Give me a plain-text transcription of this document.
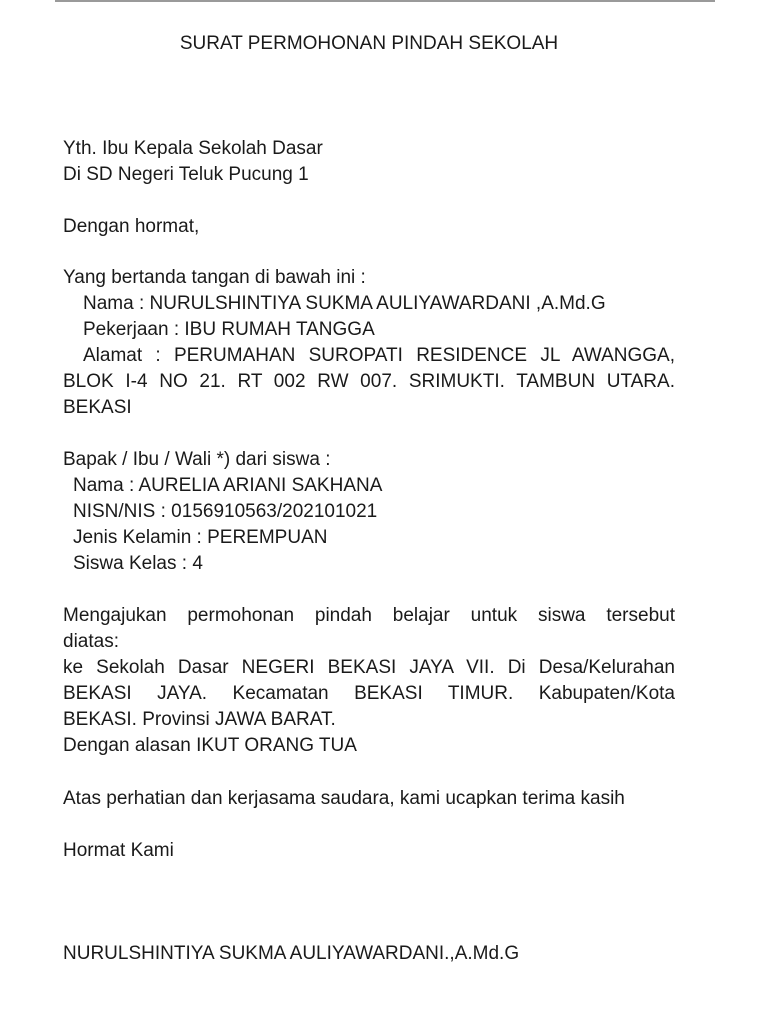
SURAT PERMOHONAN PINDAH SEKOLAH
Yth. Ibu Kepala Sekolah Dasar
Di SD Negeri Teluk Pucung 1
Dengan hormat,
Yang bertanda tangan di bawah ini :
Nama : NURULSHINTIYA SUKMA AULIYAWARDANI ,A.Md.G
Pekerjaan : IBU RUMAH TANGGA
Alamat : PERUMAHAN SUROPATI RESIDENCE JL AWANGGA,
BLOK I-4 NO 21. RT 002 RW 007. SRIMUKTI. TAMBUN UTARA.
BEKASI
Bapak / Ibu / Wali *) dari siswa :
Nama : AURELIA ARIANI SAKHANA
NISN/NIS : 0156910563/202101021
Jenis Kelamin : PEREMPUAN
Siswa Kelas : 4
Mengajukan permohonan pindah belajar untuk siswa tersebut
diatas:
ke Sekolah Dasar NEGERI BEKASI JAYA VII. Di Desa/Kelurahan
BEKASI JAYA. Kecamatan BEKASI TIMUR. Kabupaten/Kota
BEKASI. Provinsi JAWA BARAT.
Dengan alasan IKUT ORANG TUA
Atas perhatian dan kerjasama saudara, kami ucapkan terima kasih
Hormat Kami
NURULSHINTIYA SUKMA AULIYAWARDANI.,A.Md.G
